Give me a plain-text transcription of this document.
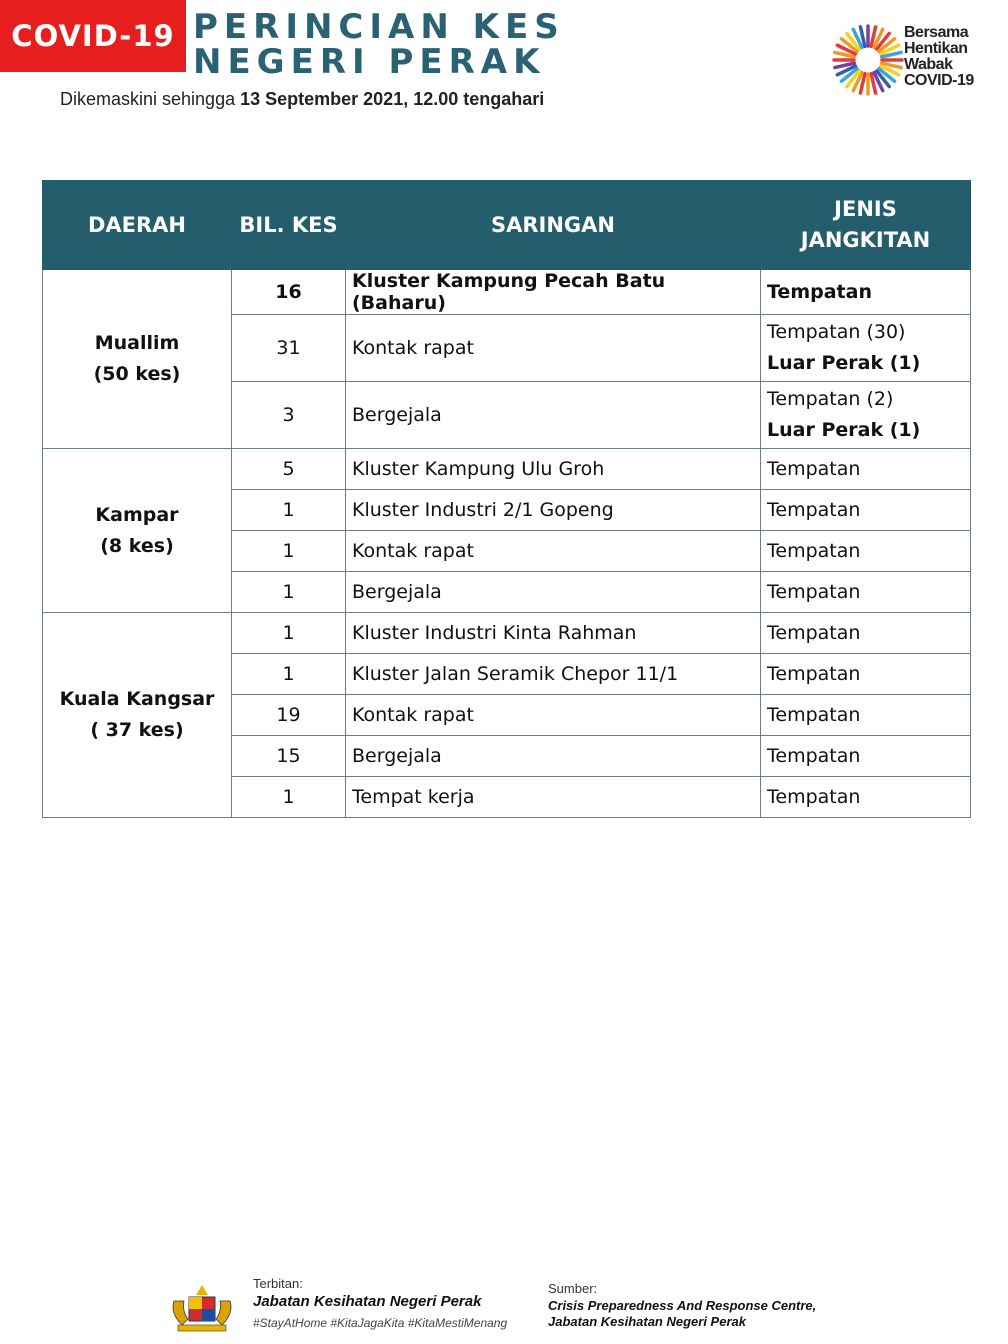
COVID-19 PERINCIAN KES
NEGERI PERAK
Dikemaskini sehingga 13 September 2021, 12.00 tengahari
Bersama
Hentikan
Wabak
COVID-19
DAERAH	BIL. KES	SARINGAN	JENIS JANGKITAN

Muallim
(50 kes)	16	Kluster Kampung Pecah Batu (Baharu)	Tempatan

	31	Kontak rapat	Tempatan (30)
Luar Perak (1)

	3	Bergejala	Tempatan (2)
Luar Perak (1)

Kampar
(8 kes)	5	Kluster Kampung Ulu Groh	Tempatan

	1	Kluster Industri 2/1 Gopeng	Tempatan

	1	Kontak rapat	Tempatan

	1	Bergejala	Tempatan

Kuala Kangsar
( 37 kes)	1	Kluster Industri Kinta Rahman	Tempatan

	1	Kluster Jalan Seramik Chepor 11/1	Tempatan

	19	Kontak rapat	Tempatan

	15	Bergejala	Tempatan

	1	Tempat kerja	Tempatan
Terbitan:
Jabatan Kesihatan Negeri Perak
#StayAtHome #KitaJagaKita #KitaMestiMenang
Sumber:
Crisis Preparedness And Response Centre,
Jabatan Kesihatan Negeri Perak
